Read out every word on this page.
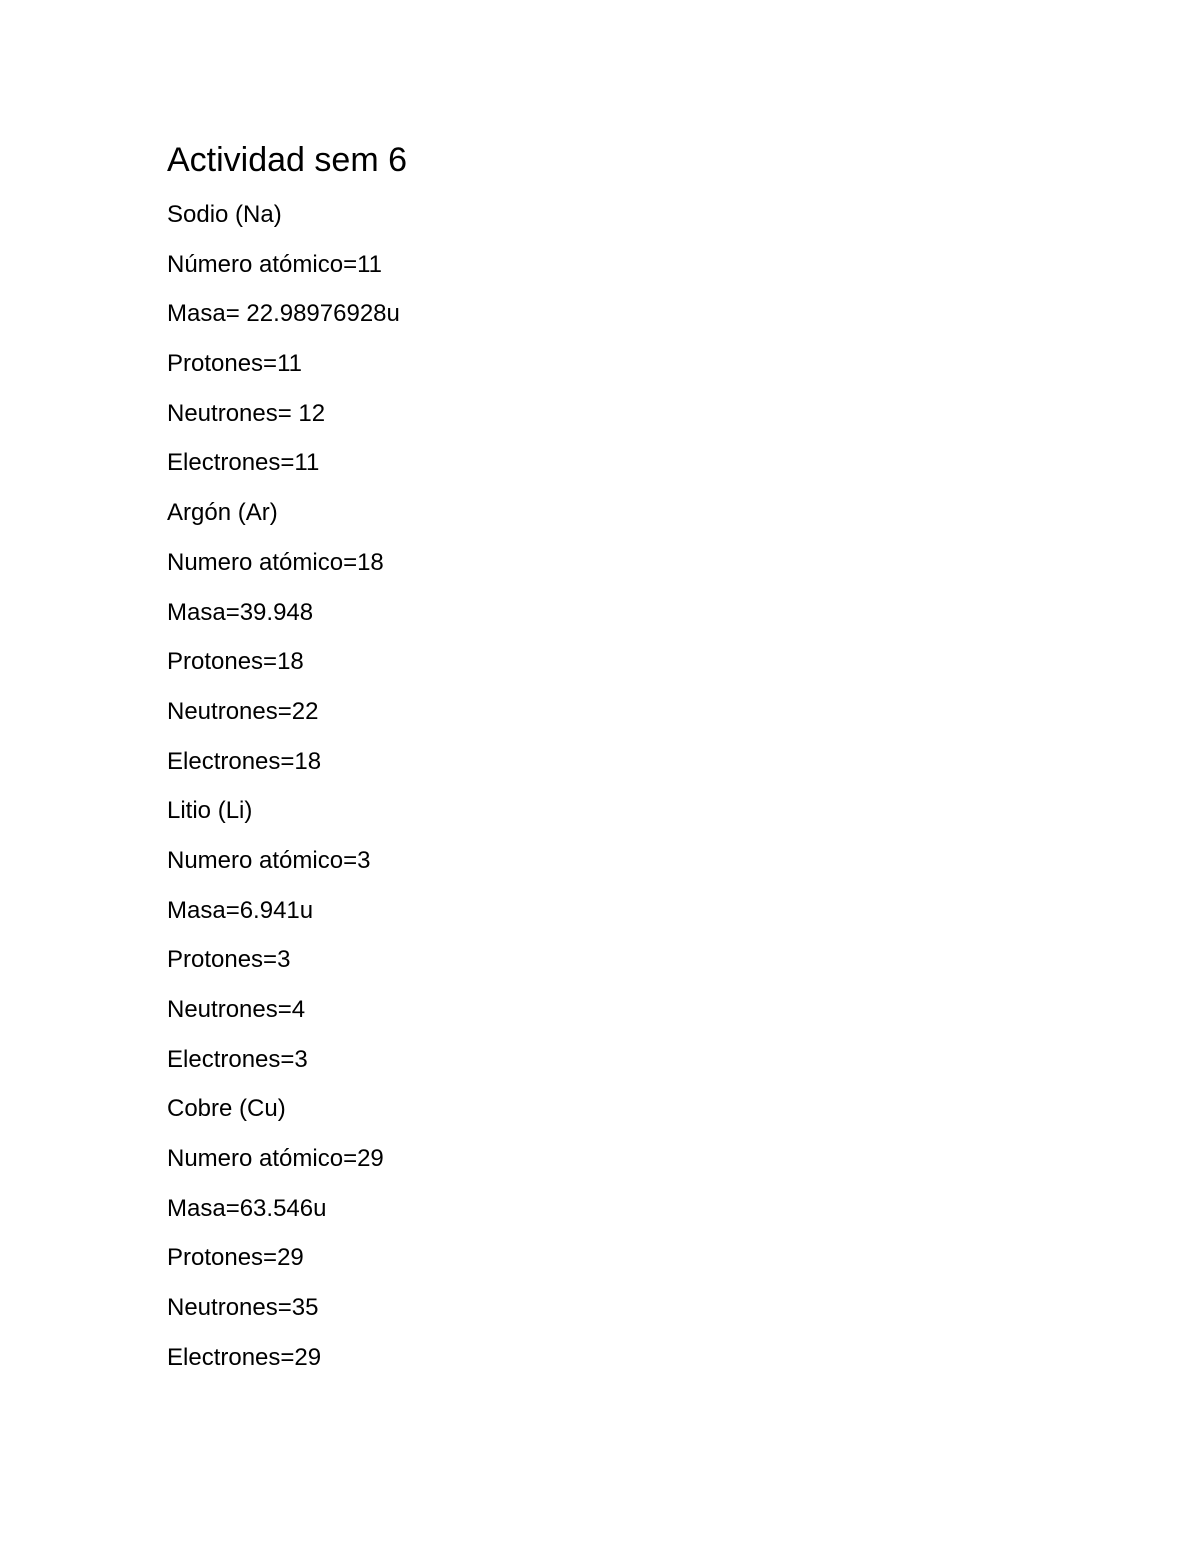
Actividad sem 6
Sodio (Na)
Número atómico=11
Masa= 22.98976928u
Protones=11
Neutrones= 12
Electrones=11
Argón (Ar)
Numero atómico=18
Masa=39.948
Protones=18
Neutrones=22
Electrones=18
Litio (Li)
Numero atómico=3
Masa=6.941u
Protones=3
Neutrones=4
Electrones=3
Cobre (Cu)
Numero atómico=29
Masa=63.546u
Protones=29
Neutrones=35
Electrones=29
